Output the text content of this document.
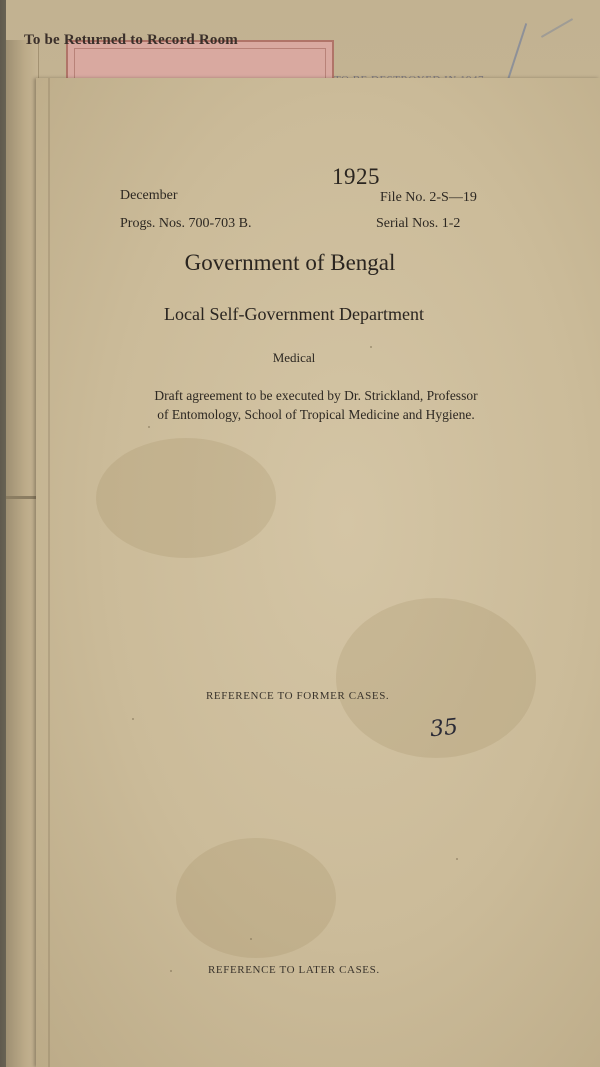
To be Returned to Record Room
1925
December
Progs. Nos. 700-703 B.
File No. 2-S—19
Serial Nos. 1-2
Government of Bengal
Local Self-Government Department
Medical
Draft agreement to be executed by Dr. Strickland, Professor
of Entomology, School of Tropical Medicine and Hygiene.
REFERENCE TO FORMER CASES.
35
REFERENCE TO LATER CASES.
